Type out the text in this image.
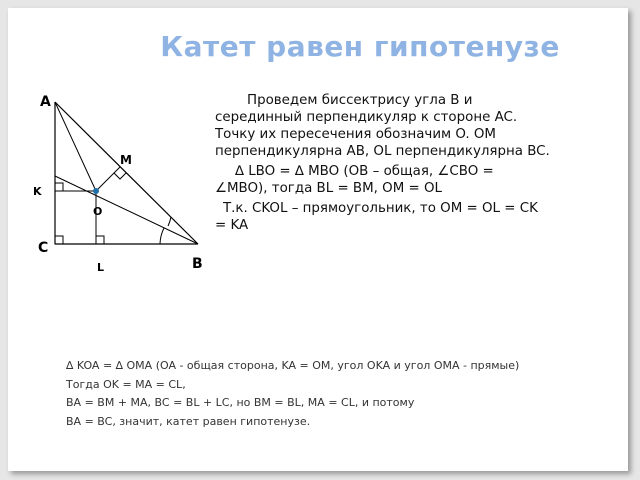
Катет равен гипотенузе
A
M
K
O
C
L	B

Проведем биссектрису угла B и
серединный перпендикуляр к стороне AC.
Точку их пересечения обозначим O. OM
перпендикулярна AB, OL перпендикулярна BC.

∆ LBO = ∆ MBO (OB – общая, ∠CBO =
∠MBO), тогда BL = BM, OM = OL

Т.к. CKOL – прямоугольник, то OM = OL = CK
= KA

∆ KOA = ∆ OMA (OA - общая сторона, KA = OM, угол OKA и угол OMA - прямые)

Тогда OK = MA = CL,

BA = BM + MA, BC = BL + LC, но BM = BL, MA = CL, и потому

BA = BC, значит, катет равен гипотенузе.
